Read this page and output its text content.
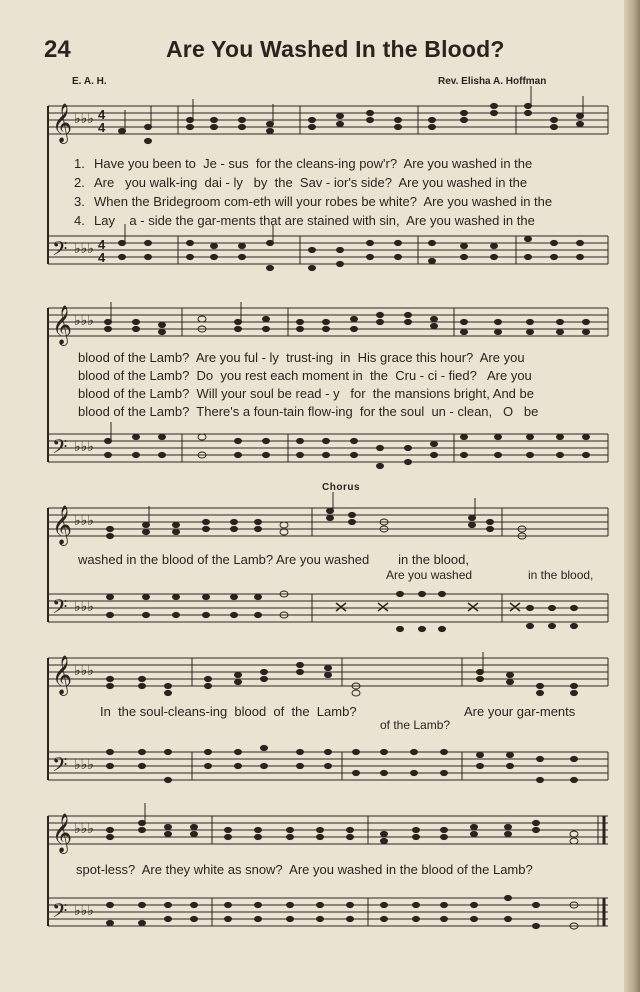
24	Are You Washed In the Blood?
E. A. H.	Rev. Elisha A. Hoffman
𝄞 ♭♭♭ 4
4
𝄢 ♭♭♭ 4
4
1. Have you been to  Je - sus  for the cleans-ing pow'r?  Are you washed in the
2. Are   you walk-ing  dai - ly   by  the  Sav - ior's side?  Are you washed in the
3. When the Bridegroom com-eth will your robes be white?  Are you washed in the
4. Lay    a - side the gar-ments that are stained with sin,  Are you washed in the
𝄞 ♭♭♭
𝄢 ♭♭♭
blood of the Lamb?  Are you ful - ly  trust-ing  in  His grace this hour?  Are you
blood of the Lamb?  Do  you rest each moment in  the  Cru - ci - fied?   Are you
blood of the Lamb?  Will your soul be read - y   for  the mansions bright, And be
blood of the Lamb?  There's a foun-tain flow-ing  for the soul  un - clean,   O   be
Chorus
𝄞 ♭♭♭
𝄢 ♭♭♭
washed in the blood of the Lamb? Are you washed        in the blood,
Are you washed	in the blood,
𝄞 ♭♭♭
𝄢 ♭♭♭
In  the soul-cleans-ing  blood  of  the  Lamb?
of the Lamb?
Are your gar-ments
𝄞 ♭♭♭
𝄢 ♭♭♭
spot-less?  Are they white as snow?  Are you washed in the blood of the Lamb?
